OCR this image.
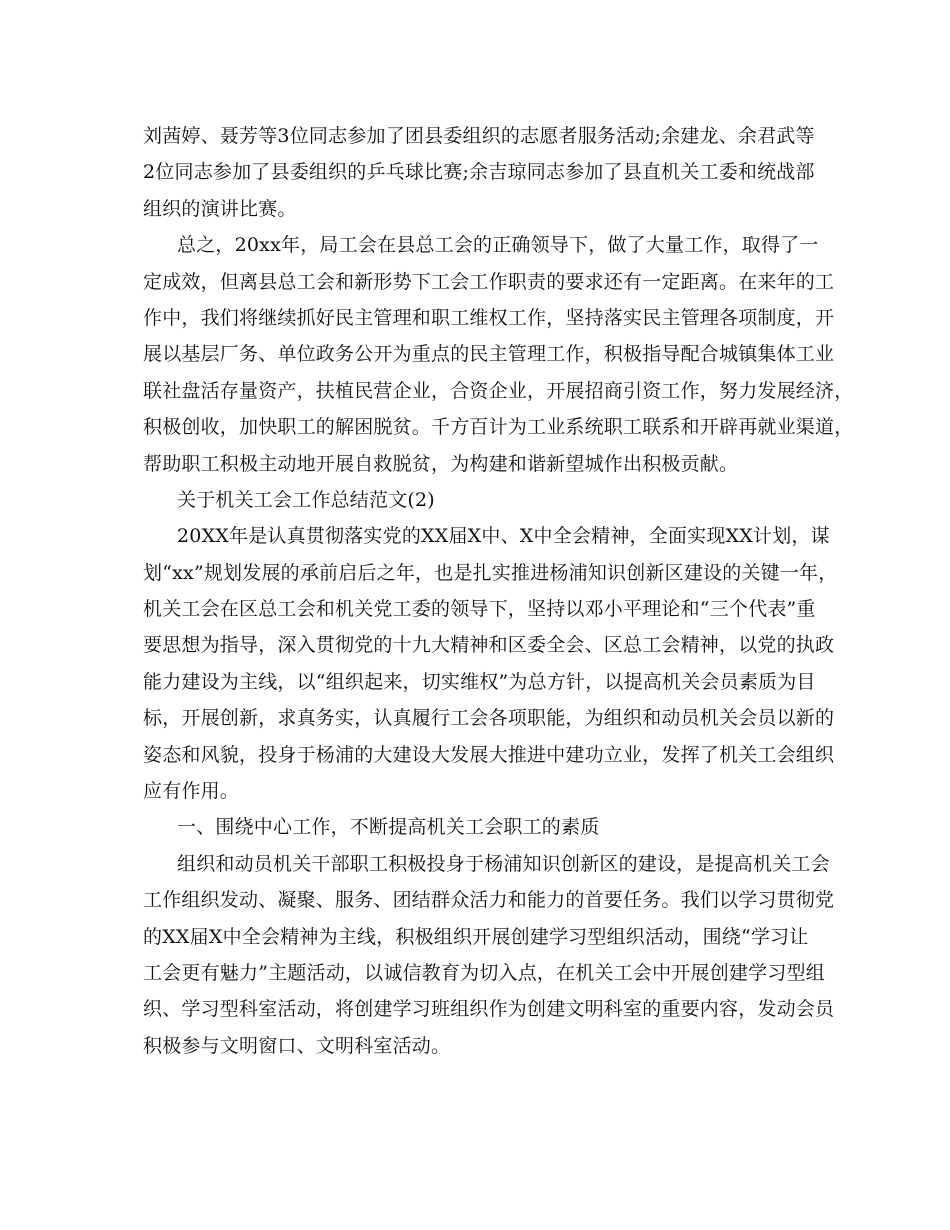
刘茜婷、聂芳等3位同志参加了团县委组织的志愿者服务活动;余建龙、余君武等
2位同志参加了县委组织的乒乓球比赛;余吉琼同志参加了县直机关工委和统战部
组织的演讲比赛。
总之，20xx年，局工会在县总工会的正确领导下，做了大量工作，取得了一
定成效，但离县总工会和新形势下工会工作职责的要求还有一定距离。在来年的工
作中，我们将继续抓好民主管理和职工维权工作，坚持落实民主管理各项制度，开
展以基层厂务、单位政务公开为重点的民主管理工作，积极指导配合城镇集体工业
联社盘活存量资产，扶植民营企业，合资企业，开展招商引资工作，努力发展经济，
积极创收，加快职工的解困脱贫。千方百计为工业系统职工联系和开辟再就业渠道，
帮助职工积极主动地开展自救脱贫，为构建和谐新望城作出积极贡献。
关于机关工会工作总结范文(2)
20XX年是认真贯彻落实党的XX届X中、X中全会精神，全面实现XX计划，谋
划“xx”规划发展的承前启后之年，也是扎实推进杨浦知识创新区建设的关键一年，
机关工会在区总工会和机关党工委的领导下，坚持以邓小平理论和“三个代表”重
要思想为指导，深入贯彻党的十九大精神和区委全会、区总工会精神，以党的执政
能力建设为主线，以“组织起来，切实维权”为总方针，以提高机关会员素质为目
标，开展创新，求真务实，认真履行工会各项职能，为组织和动员机关会员以新的
姿态和风貌，投身于杨浦的大建设大发展大推进中建功立业，发挥了机关工会组织
应有作用。
一、围绕中心工作，不断提高机关工会职工的素质
组织和动员机关干部职工积极投身于杨浦知识创新区的建设，是提高机关工会
工作组织发动、凝聚、服务、团结群众活力和能力的首要任务。我们以学习贯彻党
的XX届X中全会精神为主线，积极组织开展创建学习型组织活动，围绕“学习让
工会更有魅力”主题活动，以诚信教育为切入点，在机关工会中开展创建学习型组
织、学习型科室活动，将创建学习班组织作为创建文明科室的重要内容，发动会员
积极参与文明窗口、文明科室活动。
